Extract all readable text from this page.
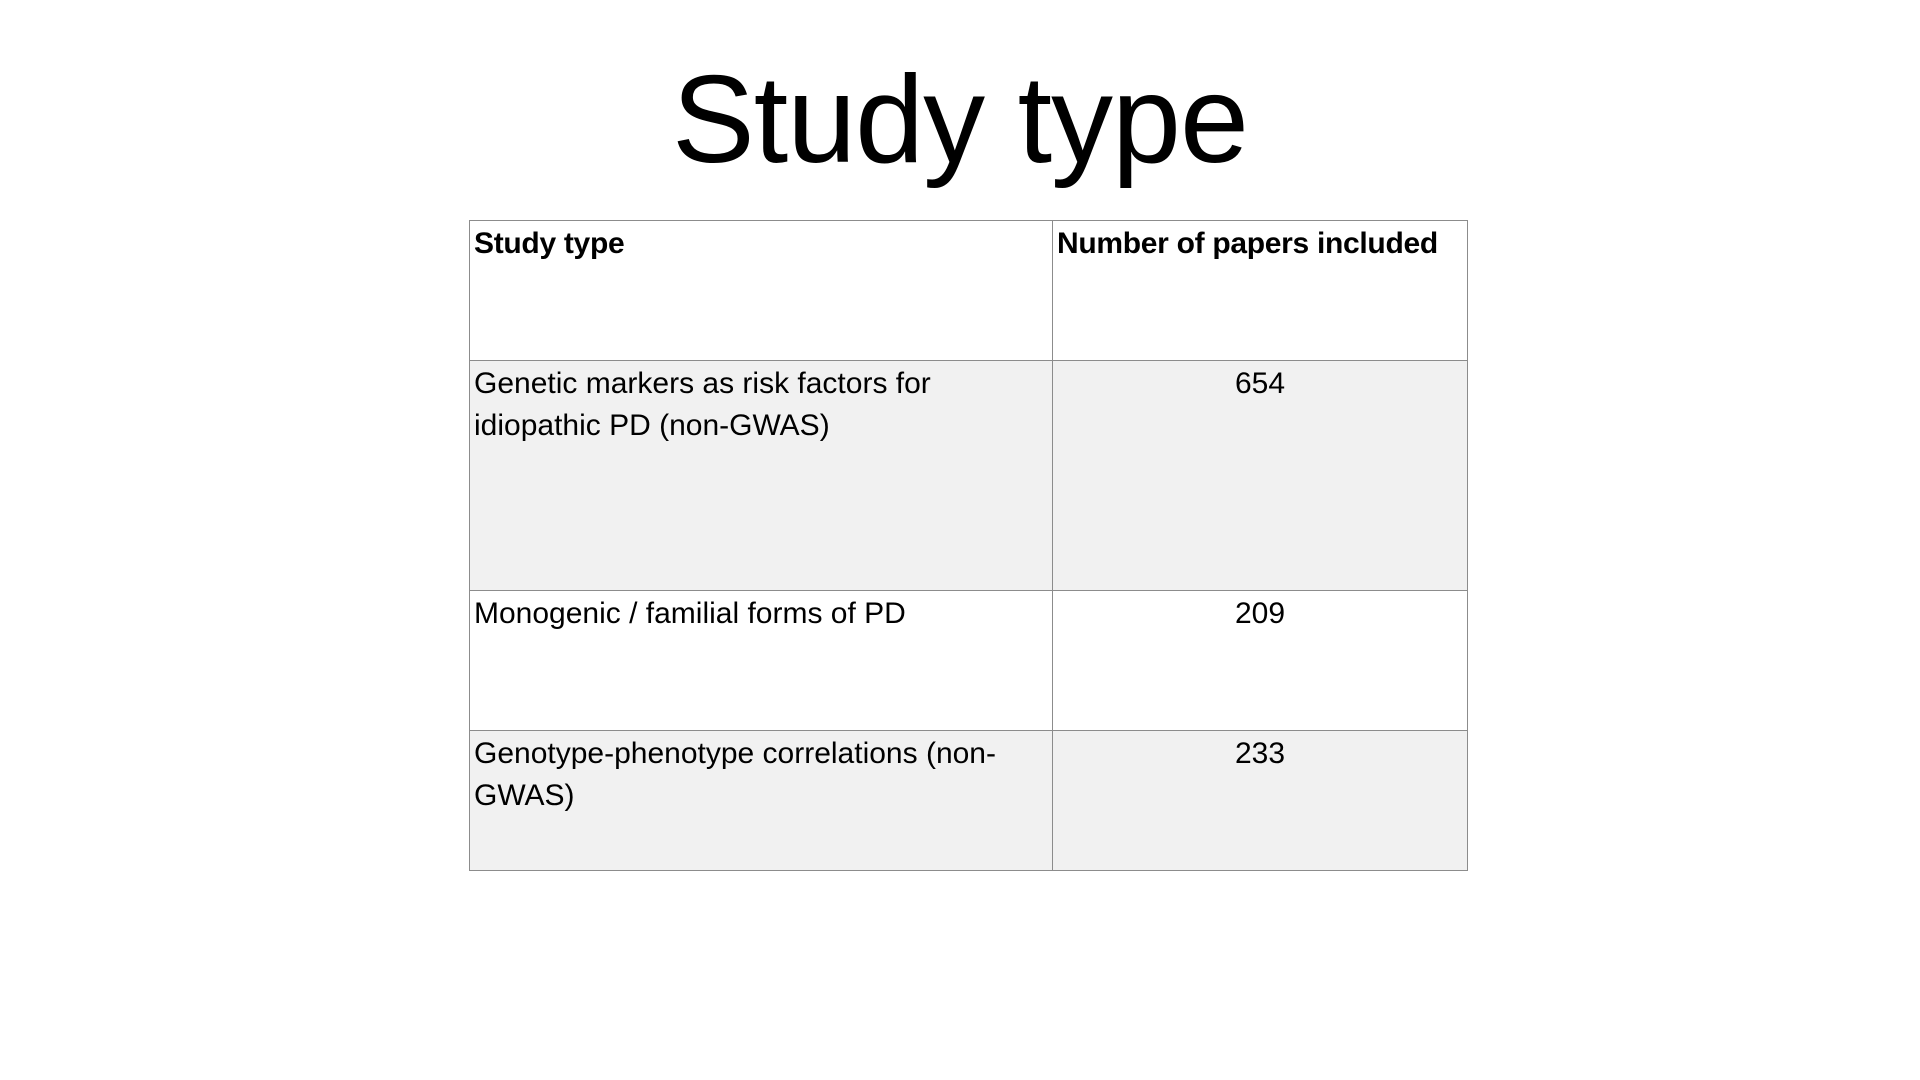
Study type
Study type	Number of papers included
Genetic markers as risk factors for idiopathic PD (non-GWAS)	654
Monogenic / familial forms of PD	209
Genotype-phenotype correlations (non-GWAS)	233
